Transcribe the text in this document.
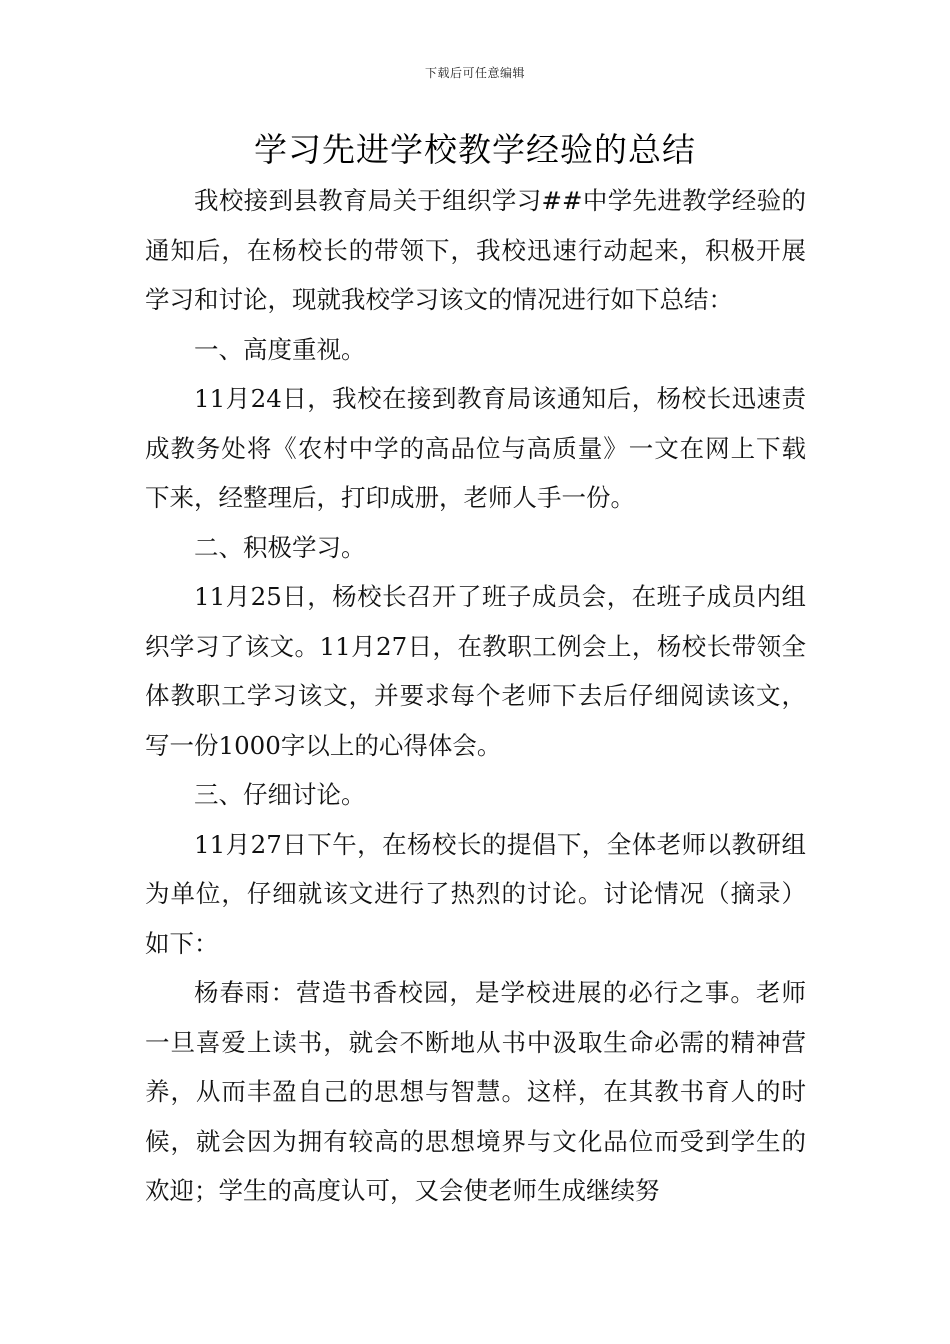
下载后可任意编辑
学习先进学校教学经验的总结

我校接到县教育局关于组织学习##中学先进教学经验的通知后，在杨校长的带领下，我校迅速行动起来，积极开展学习和讨论，现就我校学习该文的情况进行如下总结：

一、高度重视。

11月24日，我校在接到教育局该通知后，杨校长迅速责成教务处将《农村中学的高品位与高质量》一文在网上下载下来，经整理后，打印成册，老师人手一份。

二、积极学习。

11月25日，杨校长召开了班子成员会，在班子成员内组织学习了该文。11月27日，在教职工例会上，杨校长带领全体教职工学习该文，并要求每个老师下去后仔细阅读该文，写一份1000字以上的心得体会。

三、仔细讨论。

11月27日下午，在杨校长的提倡下，全体老师以教研组为单位，仔细就该文进行了热烈的讨论。讨论情况（摘录）如下：

杨春雨：营造书香校园，是学校进展的必行之事。老师一旦喜爱上读书，就会不断地从书中汲取生命必需的精神营养，从而丰盈自己的思想与智慧。这样，在其教书育人的时候，就会因为拥有较高的思想境界与文化品位而受到学生的欢迎；学生的高度认可，又会使老师生成继续努
